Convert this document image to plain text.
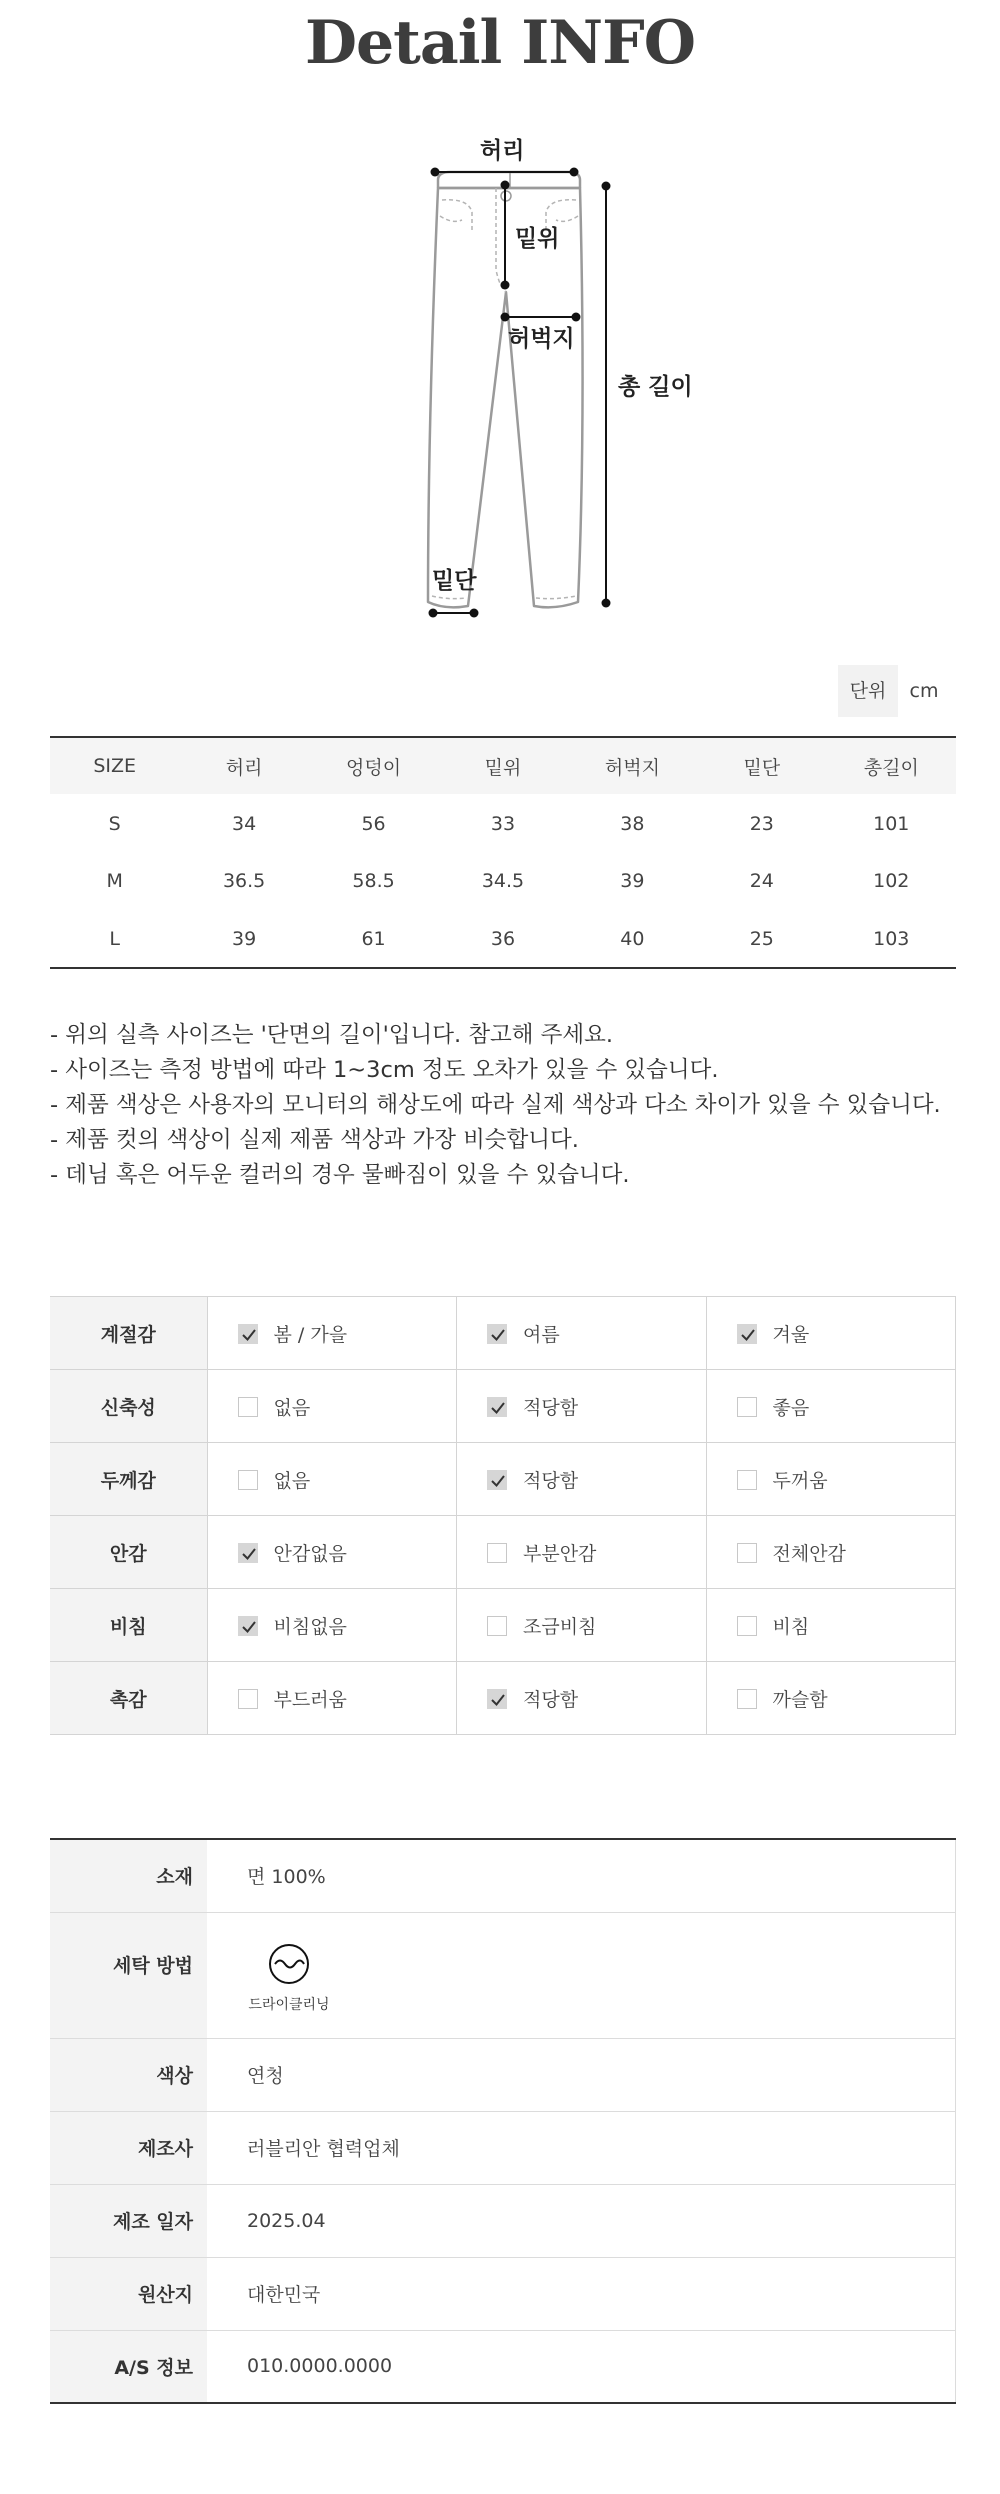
Detail INFO
허리
밑위
허벅지
총 길이
밑단
단위	cm
SIZE	허리	엉덩이	밑위	허벅지	밑단	총길이
S	34	56	33	38	23	101
M	36.5	58.5	34.5	39	24	102
L	39	61	36	40	25	103
- 위의 실측 사이즈는 '단면의 길이'입니다. 참고해 주세요.
- 사이즈는 측정 방법에 따라 1~3cm 정도 오차가 있을 수 있습니다.
- 제품 색상은 사용자의 모니터의 해상도에 따라 실제 색상과 다소 차이가 있을 수 있습니다.
- 제품 컷의 색상이 실제 제품 색상과 가장 비슷합니다.
- 데님 혹은 어두운 컬러의 경우 물빠짐이 있을 수 있습니다.
계절감	봄 / 가을	여름	겨울
신축성	없음	적당함	좋음
두께감	없음	적당함	두꺼움
안감	안감없음	부분안감	전체안감
비침	비침없음	조금비침	비침
촉감	부드러움	적당함	까슬함
소재	면 100%
세탁 방법	드라이클리닝

색상	연청
제조사	러블리안 협력업체
제조 일자	2025.04
원산지	대한민국
A/S 정보	010.0000.0000
